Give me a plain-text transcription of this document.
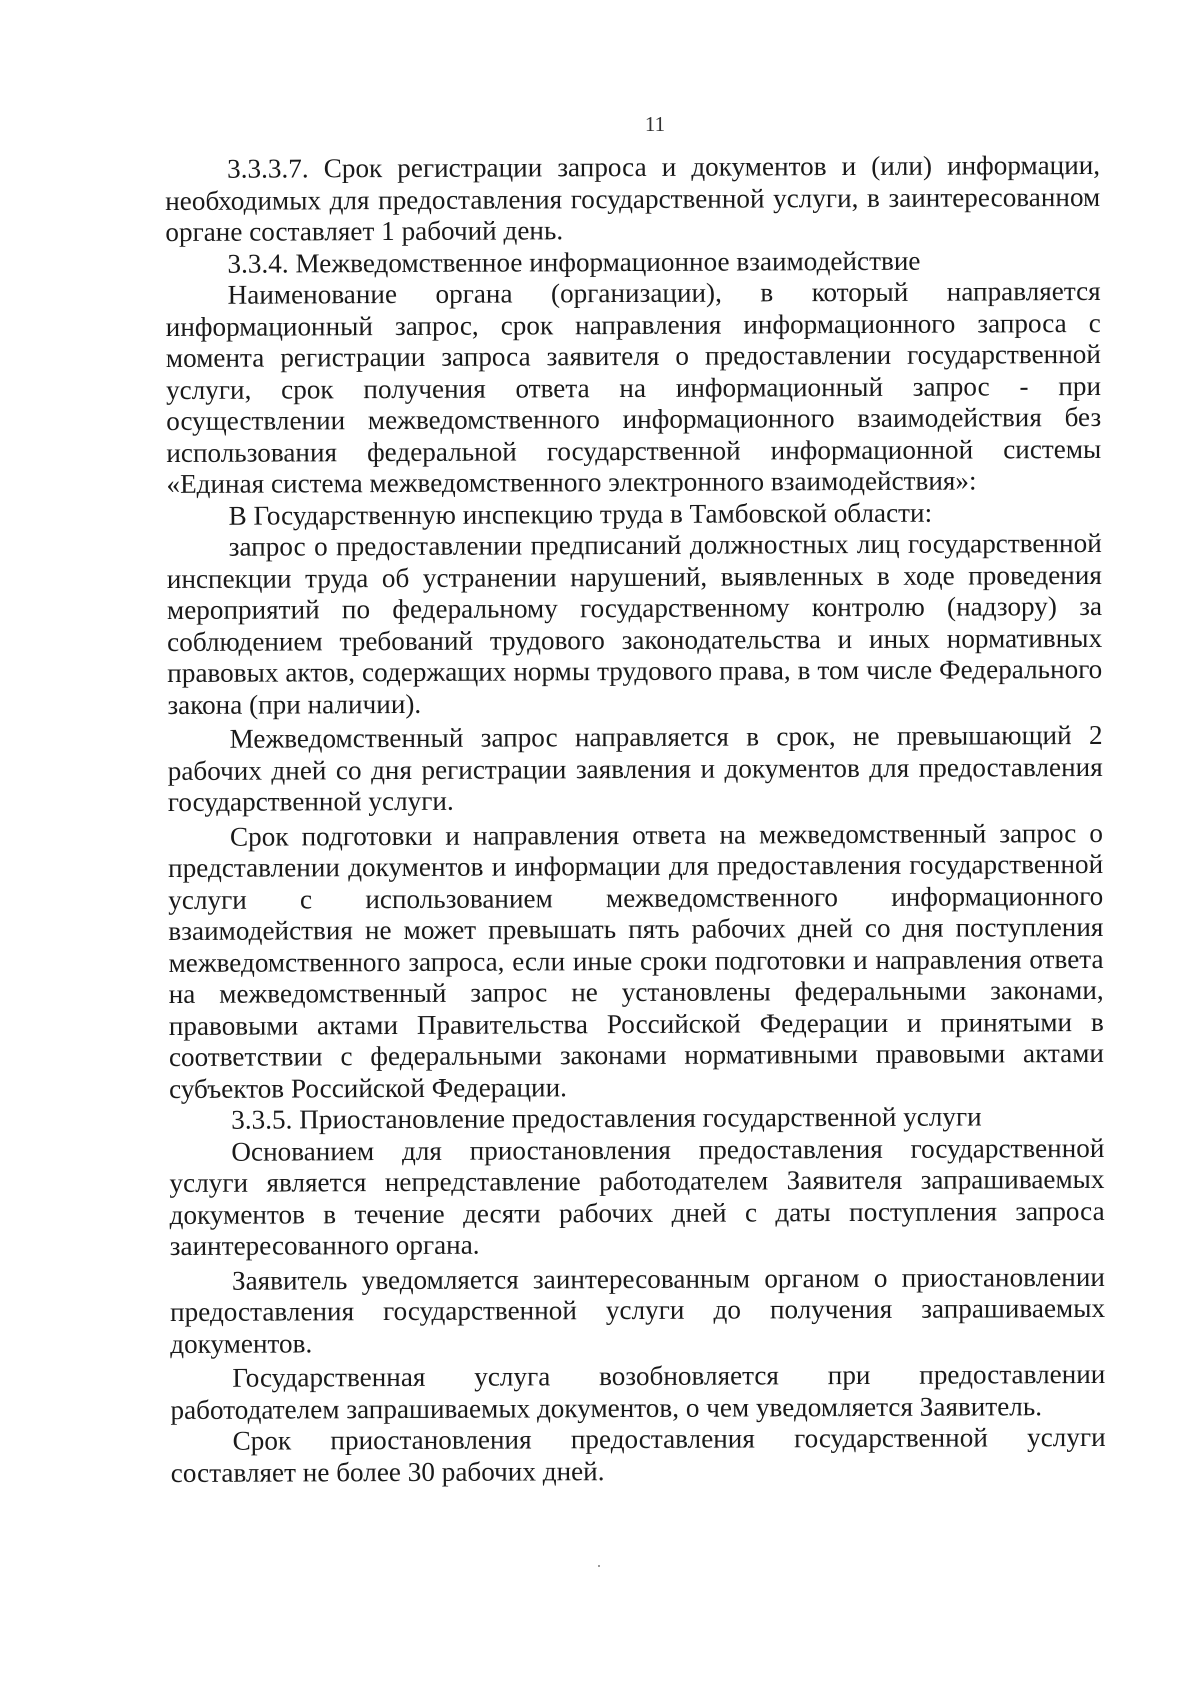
11

3.3.3.7. Срок регистрации запроса и документов и (или) информации, необходимых для предоставления государственной услуги, в заинтересованном органе составляет 1 рабочий день.

3.3.4. Межведомственное информационное взаимодействие

Наименование органа (организации), в который направляется информационный запрос, срок направления информационного запроса с момента регистрации запроса заявителя о предоставлении государственной услуги, срок получения ответа на информационный запрос - при осуществлении межведомственного информационного взаимодействия без использования федеральной государственной информационной системы «Единая система межведомственного электронного взаимодействия»:

В Государственную инспекцию труда в Тамбовской области:

запрос о предоставлении предписаний должностных лиц государственной инспекции труда об устранении нарушений, выявленных в ходе проведения мероприятий по федеральному государственному контролю (надзору) за соблюдением требований трудового законодательства и иных нормативных правовых актов, содержащих нормы трудового права, в том числе Федерального закона (при наличии).

Межведомственный запрос направляется в срок, не превышающий 2 рабочих дней со дня регистрации заявления и документов для предоставления государственной услуги.

Срок подготовки и направления ответа на межведомственный запрос о представлении документов и информации для предоставления государственной услуги с использованием межведомственного информационного взаимодействия не может превышать пять рабочих дней со дня поступления межведомственного запроса, если иные сроки подготовки и направления ответа на межведомственный запрос не установлены федеральными законами, правовыми актами Правительства Российской Федерации и принятыми в соответствии с федеральными законами нормативными правовыми актами субъектов Российской Федерации.

3.3.5. Приостановление предоставления государственной услуги

Основанием для приостановления предоставления государственной услуги является непредставление работодателем Заявителя запрашиваемых документов в течение десяти рабочих дней с даты поступления запроса заинтересованного органа.

Заявитель уведомляется заинтересованным органом о приостановлении предоставления государственной услуги до получения запрашиваемых документов.

Государственная услуга возобновляется при предоставлении работодателем запрашиваемых документов, о чем уведомляется Заявитель.

Срок приостановления предоставления государственной услуги составляет не более 30 рабочих дней.
